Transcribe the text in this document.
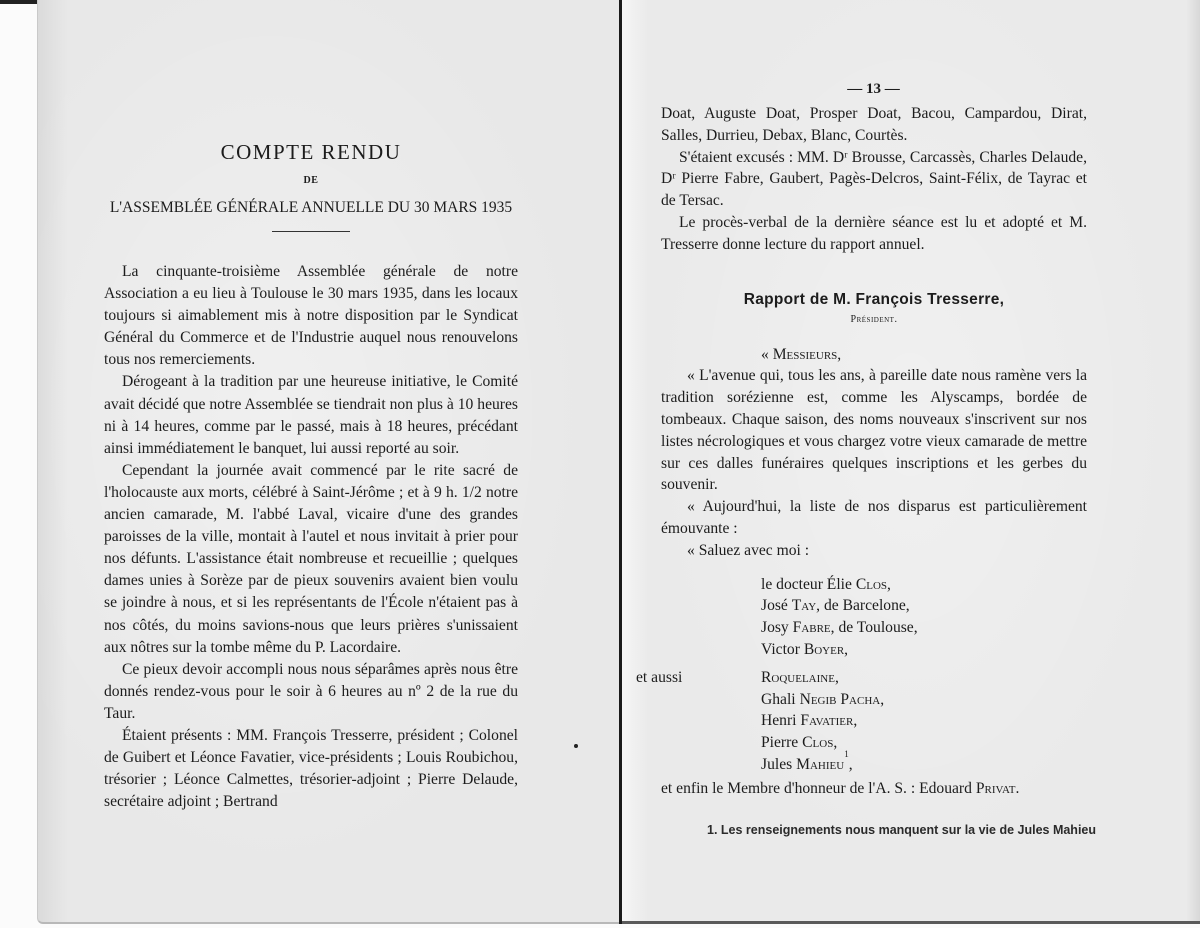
COMPTE RENDU
DE
L'ASSEMBLÉE GÉNÉRALE ANNUELLE DU 30 MARS 1935

La cinquante-troisième Assemblée générale de notre Association a eu lieu à Toulouse le 30 mars 1935, dans les locaux toujours si aimablement mis à notre disposition par le Syndicat Général du Commerce et de l'Industrie auquel nous renouvelons tous nos remerciements.

Dérogeant à la tradition par une heureuse initiative, le Comité avait décidé que notre Assemblée se tiendrait non plus à 10 heures ni à 14 heures, comme par le passé, mais à 18 heures, précédant ainsi immédiatement le banquet, lui aussi reporté au soir.

Cependant la journée avait commencé par le rite sacré de l'holocauste aux morts, célébré à Saint-Jérôme ; et à 9 h. 1/2 notre ancien camarade, M. l'abbé Laval, vicaire d'une des grandes paroisses de la ville, montait à l'autel et nous invitait à prier pour nos défunts. L'assistance était nombreuse et recueillie ; quelques dames unies à Sorèze par de pieux souvenirs avaient bien voulu se joindre à nous, et si les représentants de l'École n'étaient pas à nos côtés, du moins savions-nous que leurs prières s'unissaient aux nôtres sur la tombe même du P. Lacordaire.

Ce pieux devoir accompli nous nous séparâmes après nous être donnés rendez-vous pour le soir à 6 heures au nº 2 de la rue du Taur.

Étaient présents : MM. François Tresserre, président ; Colonel de Guibert et Léonce Favatier, vice-présidents ; Louis Roubichou, trésorier ; Léonce Calmettes, trésorier-adjoint ; Pierre Delaude, secrétaire adjoint ; Bertrand

— 13 —

Doat, Auguste Doat, Prosper Doat, Bacou, Campardou, Dirat, Salles, Durrieu, Debax, Blanc, Courtès.

S'étaient excusés : MM. Dʳ Brousse, Carcassès, Charles Delaude, Dʳ Pierre Fabre, Gaubert, Pagès-Delcros, Saint-Félix, de Tayrac et de Tersac.

Le procès-verbal de la dernière séance est lu et adopté et M. Tresserre donne lecture du rapport annuel.

Rapport de M. François Tresserre,
Président.

« Messieurs,

« L'avenue qui, tous les ans, à pareille date nous ramène vers la tradition sorézienne est, comme les Alyscamps, bordée de tombeaux. Chaque saison, des noms nouveaux s'inscrivent sur nos listes nécrologiques et vous chargez votre vieux camarade de mettre sur ces dalles funéraires quelques inscriptions et les gerbes du souvenir.

« Aujourd'hui, la liste de nos disparus est particulièrement émouvante :

« Saluez avec moi :

le docteur Élie
Clos ,
José
Tay , de Barcelone,
Josy
Fabre , de Toulouse,
Victor
Boyer ,
et aussi	Roquelaine ,
Ghali
Negib Pacha ,
Henri
Favatier ,
Pierre
Clos ,
Jules
Mahieu
1
,
et enfin le Membre d'honneur de l'A. S. : Edouard Privat.
1. Les renseignements nous manquent sur la vie de Jules Mahieu
